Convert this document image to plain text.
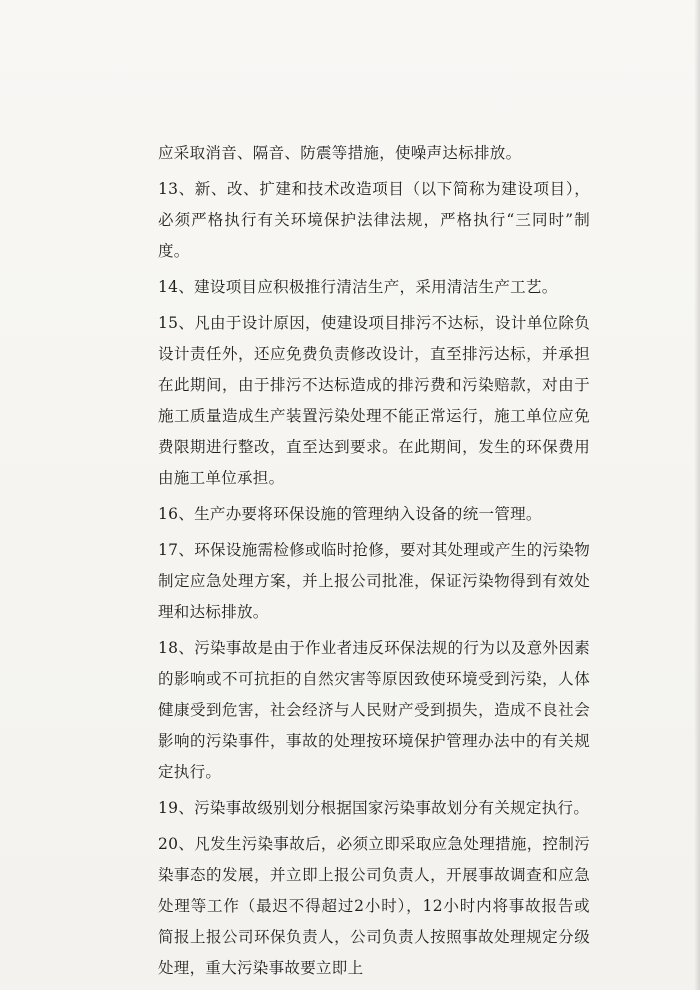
应采取消音、隔音、防震等措施，使噪声达标排放。

13、新、改、扩建和技术改造项目（以下简称为建设项目），必须严格执行有关环境保护法律法规，严格执行“三同时”制度。

14、建设项目应积极推行清洁生产，采用清洁生产工艺。

15、凡由于设计原因，使建设项目排污不达标，设计单位除负设计责任外，还应免费负责修改设计，直至排污达标，并承担在此期间，由于排污不达标造成的排污费和污染赔款，对由于施工质量造成生产装置污染处理不能正常运行，施工单位应免费限期进行整改，直至达到要求。在此期间，发生的环保费用由施工单位承担。

16、生产办要将环保设施的管理纳入设备的统一管理。

17、环保设施需检修或临时抢修，要对其处理或产生的污染物制定应急处理方案，并上报公司批准，保证污染物得到有效处理和达标排放。

18、污染事故是由于作业者违反环保法规的行为以及意外因素的影响或不可抗拒的自然灾害等原因致使环境受到污染，人体健康受到危害，社会经济与人民财产受到损失，造成不良社会影响的污染事件，事故的处理按环境保护管理办法中的有关规定执行。

19、污染事故级别划分根据国家污染事故划分有关规定执行。

20、凡发生污染事故后，必须立即采取应急处理措施，控制污染事态的发展，并立即上报公司负责人，开展事故调查和应急处理等工作（最迟不得超过2小时），12小时内将事故报告或简报上报公司环保负责人，公司负责人按照事故处理规定分级处理，重大污染事故要立即上
